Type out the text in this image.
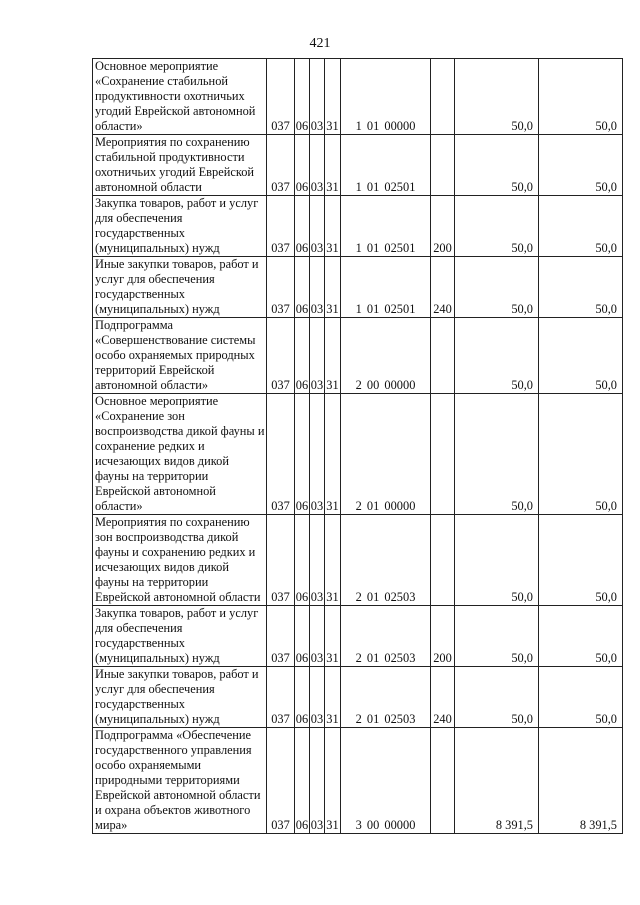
421
Основное мероприятие «Сохранение стабильной продуктивности охотничьих угодий Еврейской автономной области»	037	06	03	31	1 01 00000		50,0	50,0
Мероприятия по сохранению стабильной продуктивности охотничьих угодий Еврейской автономной области	037	06	03	31	1 01 02501		50,0	50,0
Закупка товаров, работ и услуг для обеспечения государственных (муниципальных) нужд	037	06	03	31	1 01 02501	200	50,0	50,0
Иные закупки товаров, работ и услуг для обеспечения государственных (муниципальных) нужд	037	06	03	31	1 01 02501	240	50,0	50,0
Подпрограмма «Совершенствование системы особо охраняемых природных территорий Еврейской автономной области»	037	06	03	31	2 00 00000		50,0	50,0
Основное мероприятие «Сохранение зон воспроизводства дикой фауны и сохранение редких и исчезающих видов дикой фауны на территории Еврейской автономной области»	037	06	03	31	2 01 00000		50,0	50,0
Мероприятия по сохранению зон воспроизводства дикой фауны и сохранению редких и исчезающих видов дикой фауны на территории Еврейской автономной области	037	06	03	31	2 01 02503		50,0	50,0
Закупка товаров, работ и услуг для обеспечения государственных (муниципальных) нужд	037	06	03	31	2 01 02503	200	50,0	50,0
Иные закупки товаров, работ и услуг для обеспечения государственных (муниципальных) нужд	037	06	03	31	2 01 02503	240	50,0	50,0
Подпрограмма «Обеспечение государственного управления особо охраняемыми природными территориями Еврейской автономной области и охрана объектов животного мира»	037	06	03	31	3 00 00000		8 391,5	8 391,5
